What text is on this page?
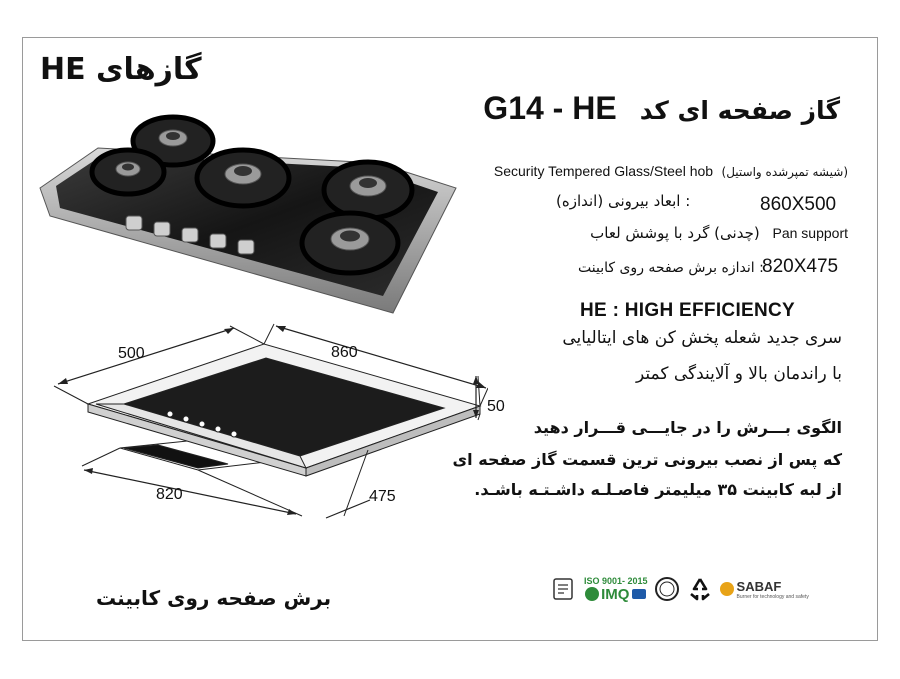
گازهای HE
گاز صفحه ای کد G14 - HE
Security Tempered Glass/Steel hob (شیشه تمپرشده واستیل)
: ابعاد بیرونی (اندازه)	860X500
(چدنی) گرد با پوشش لعاب Pan support
: اندازه برش صفحه روی کابینت
820X475
HE : HIGH EFFICIENCY
سری جدید شعله پخش کن های ایتالیایی
با راندمان بالا و آلایندگی کمتر
الگوی بـــرش را در جایـــی قـــرار دهید
که پس از نصب بیرونی ترین قسمت گاز صفحه ای
از لبه کابینت ۳۵ میلیمتر فاصـلـه داشـتـه باشـد.
500	860
50
820	475
برش صفحه روی کابینت
ISO 9001- 2015
IMQ	SABAF
Burner for technology and safety
